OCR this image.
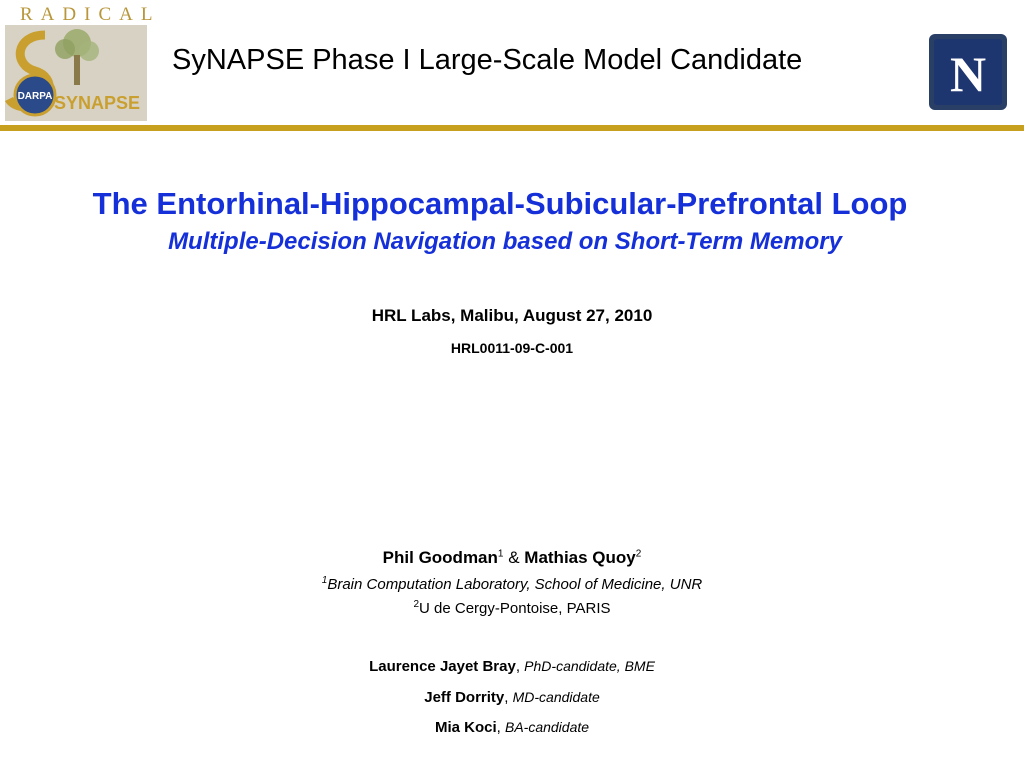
RADICAL
DARPA SYNAPSE
SyNAPSE Phase I Large-Scale Model Candidate	N
The Entorhinal-Hippocampal-Subicular-Prefrontal Loop
Multiple-Decision Navigation based on Short-Term Memory
HRL Labs, Malibu, August 27, 2010
HRL0011-09-C-001
Phil Goodman$^1$ & Mathias Quoy$^2$
$^1$Brain Computation Laboratory, School of Medicine, UNR
$^2$U de Cergy-Pontoise, PARIS
Laurence Jayet Bray, PhD-candidate, BME
Jeff Dorrity, MD-candidate
Mia Koci, BA-candidate
